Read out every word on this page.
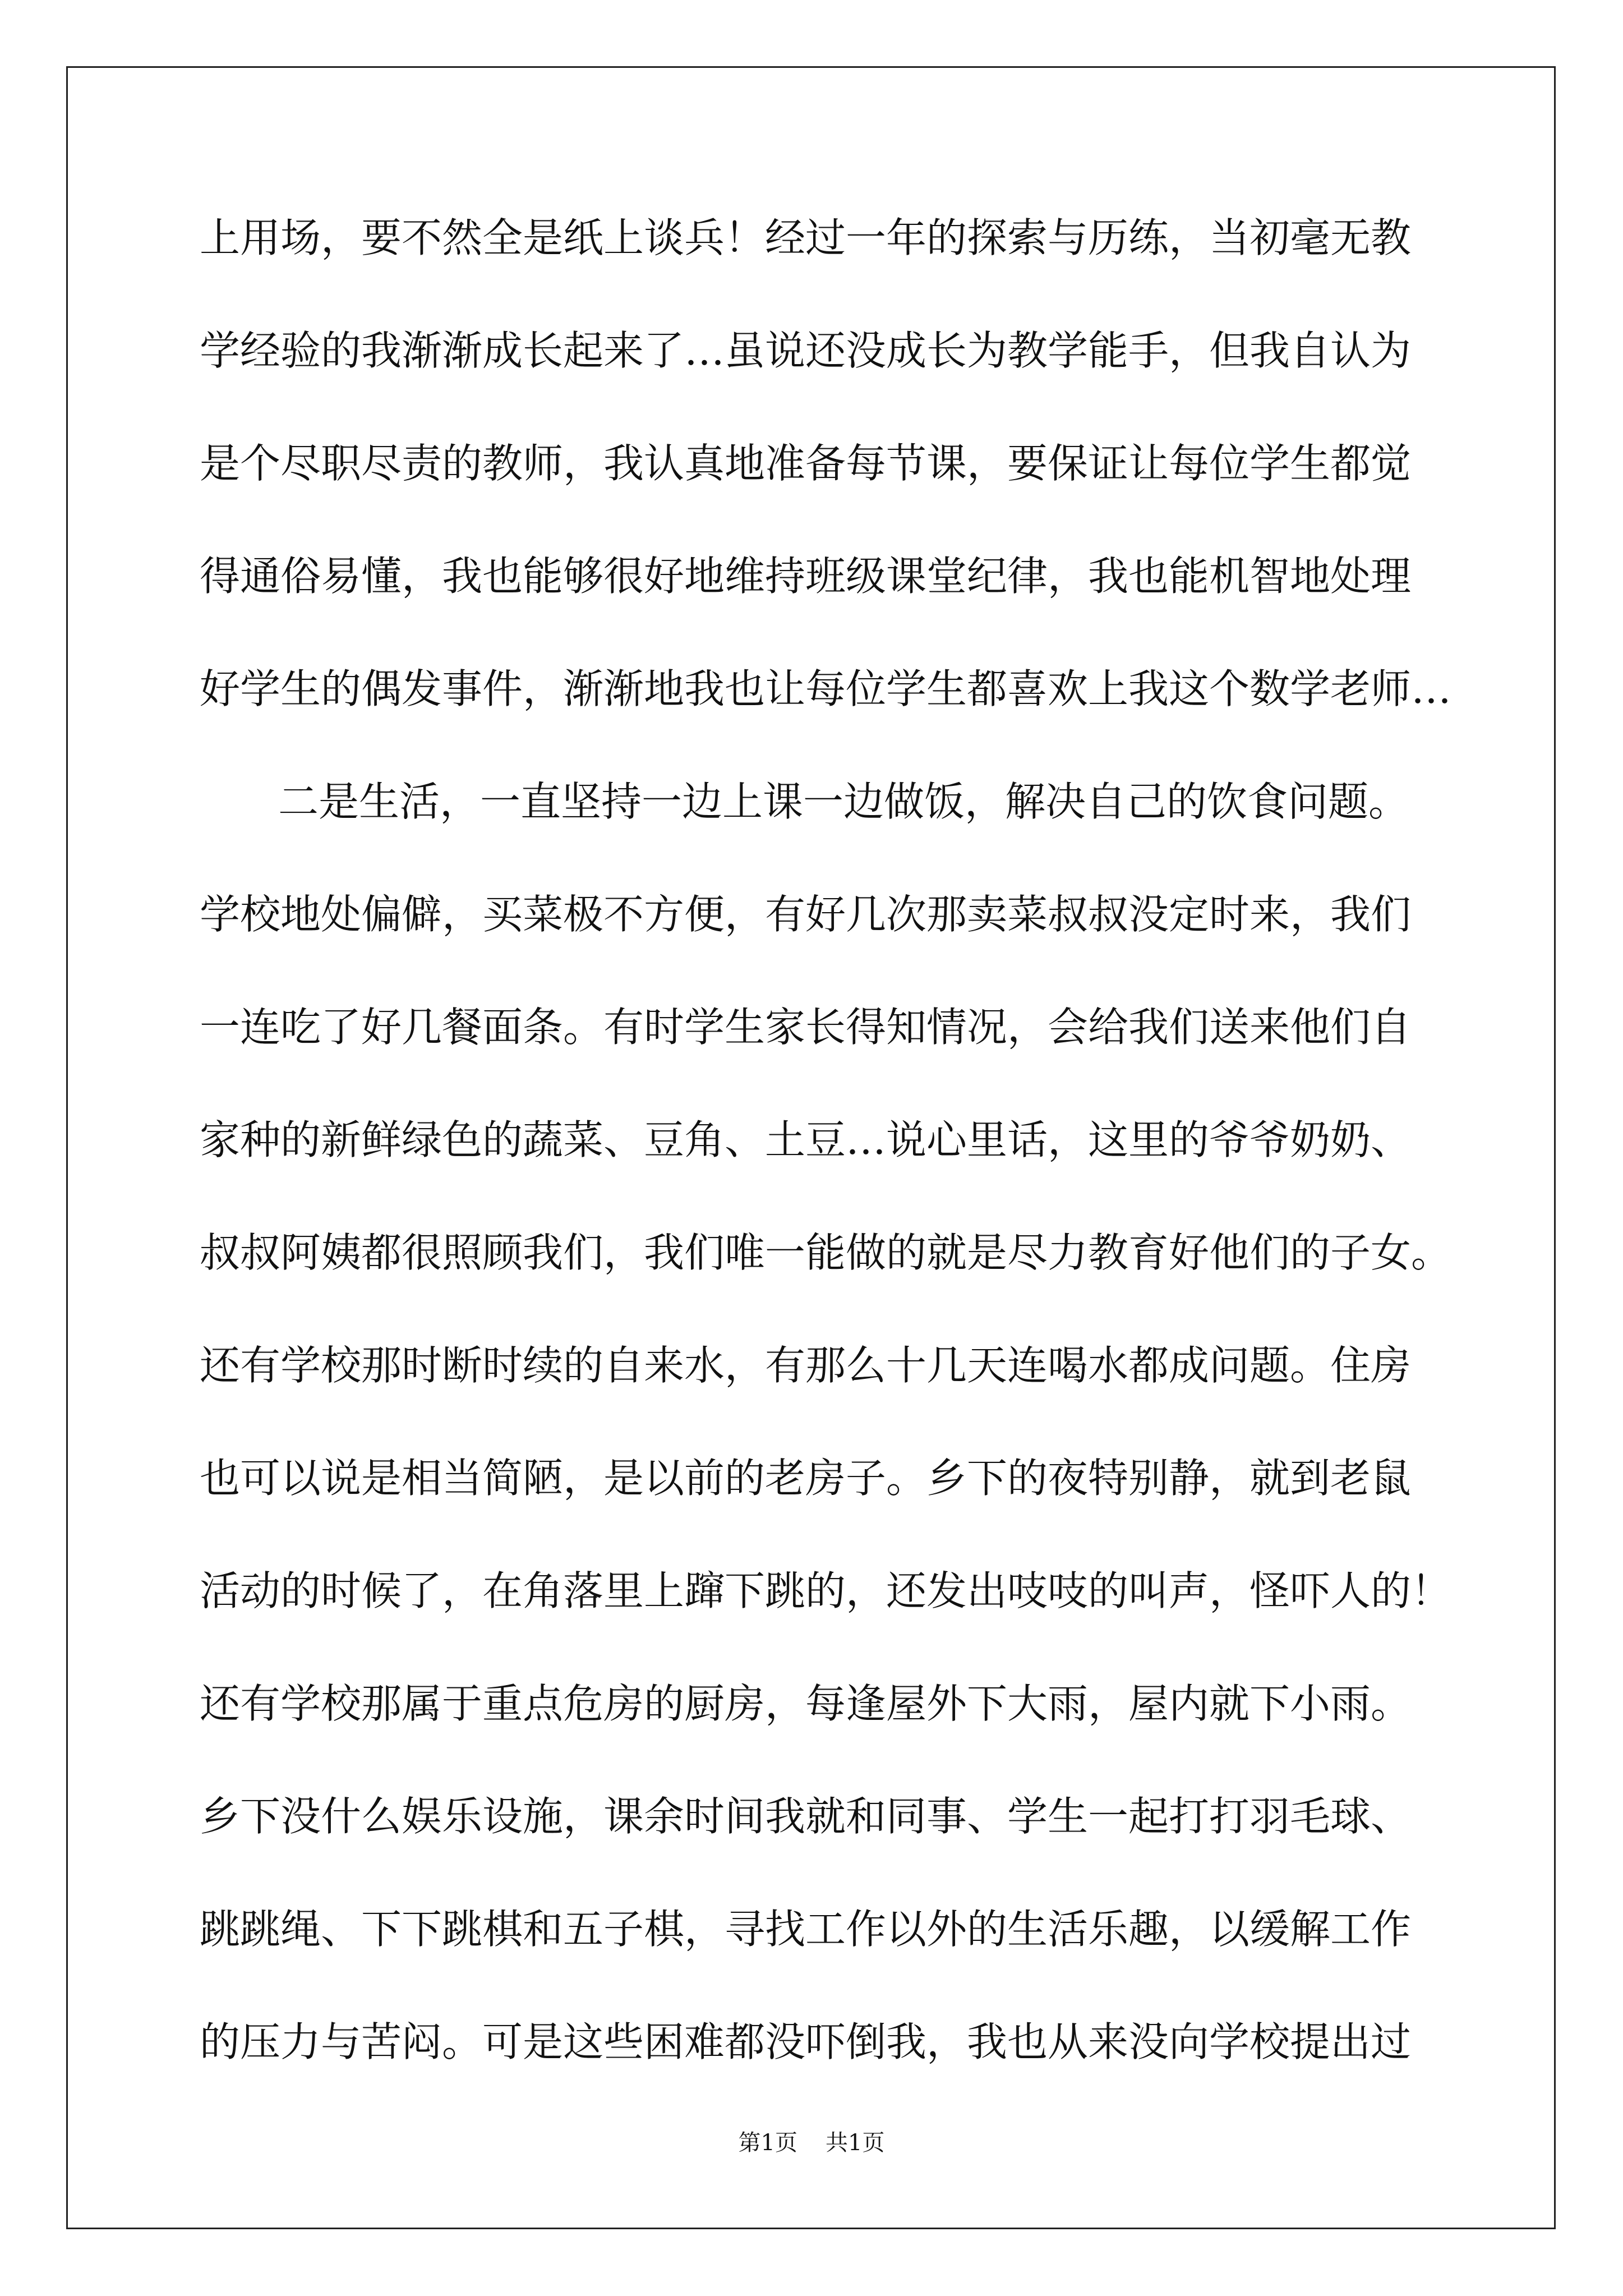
上用场，要不然全是纸上谈兵！经过一年的探索与历练，当初毫无教
学经验的我渐渐成长起来了…虽说还没成长为教学能手，但我自认为
是个尽职尽责的教师，我认真地准备每节课，要保证让每位学生都觉
得通俗易懂，我也能够很好地维持班级课堂纪律，我也能机智地处理
好学生的偶发事件，渐渐地我也让每位学生都喜欢上我这个数学老师…
二是生活，一直坚持一边上课一边做饭，解决自己的饮食问题。
学校地处偏僻，买菜极不方便，有好几次那卖菜叔叔没定时来，我们
一连吃了好几餐面条。有时学生家长得知情况，会给我们送来他们自
家种的新鲜绿色的蔬菜、豆角、土豆…说心里话，这里的爷爷奶奶、
叔叔阿姨都很照顾我们，我们唯一能做的就是尽力教育好他们的子女。
还有学校那时断时续的自来水，有那么十几天连喝水都成问题。住房
也可以说是相当简陋，是以前的老房子。乡下的夜特别静，就到老鼠
活动的时候了，在角落里上蹿下跳的，还发出吱吱的叫声，怪吓人的！
还有学校那属于重点危房的厨房，每逢屋外下大雨，屋内就下小雨。
乡下没什么娱乐设施，课余时间我就和同事、学生一起打打羽毛球、
跳跳绳、下下跳棋和五子棋，寻找工作以外的生活乐趣，以缓解工作
的压力与苦闷。可是这些困难都没吓倒我，我也从来没向学校提出过
第1页 共1页
